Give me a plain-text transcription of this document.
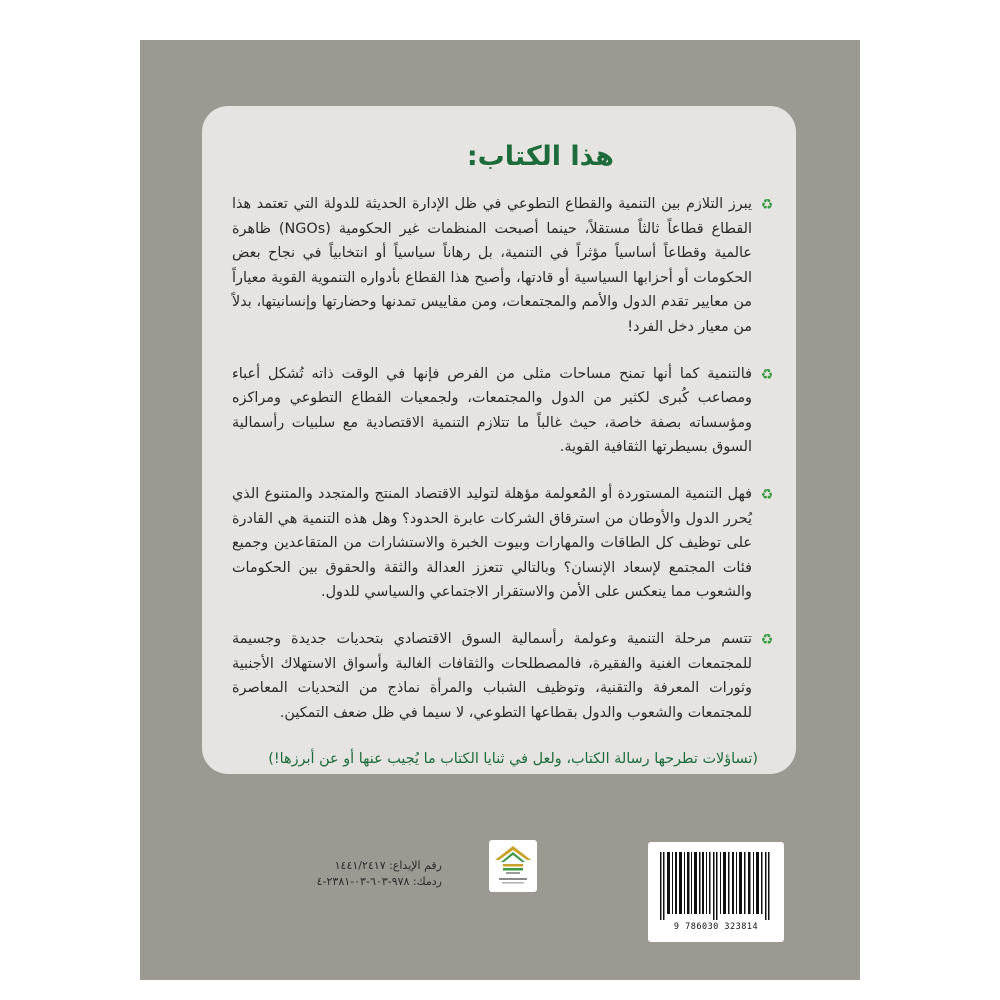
هذا الكتاب:
♻
يبرز التلازم بين التنمية والقطاع التطوعي في ظل الإدارة الحديثة للدولة التي تعتمد هذا القطاع قطاعاً ثالثاً مستقلاً، حينما أصبحت المنظمات غير الحكومية (NGOs) ظاهرة عالمية وقطاعاً أساسياً مؤثراً في التنمية، بل رهاناً سياسياً أو انتخابياً في نجاح بعض الحكومات أو أحزابها السياسية أو قادتها، وأصبح هذا القطاع بأدواره التنموية القوية معياراً من معايير تقدم الدول والأمم والمجتمعات، ومن مقاييس تمدنها وحضارتها وإنسانيتها، بدلاً من معيار دخل الفرد!
♻
فالتنمية كما أنها تمنح مساحات مثلى من الفرص فإنها في الوقت ذاته تُشكل أعباء ومصاعب كُبرى لكثير من الدول والمجتمعات، ولجمعيات القطاع التطوعي ومراكزه ومؤسساته بصفة خاصة، حيث غالباً ما تتلازم التنمية الاقتصادية مع سلبيات رأسمالية السوق بسيطرتها الثقافية القوية.
♻
فهل التنمية المستوردة أو المُعولمة مؤهلة لتوليد الاقتصاد المنتج والمتجدد والمتنوع الذي يُحرر الدول والأوطان من استرقاق الشركات عابرة الحدود؟ وهل هذه التنمية هي القادرة على توظيف كل الطاقات والمهارات وبيوت الخبرة والاستشارات من المتقاعدين وجميع فئات المجتمع لإسعاد الإنسان؟ وبالتالي تتعزز العدالة والثقة والحقوق بين الحكومات والشعوب مما ينعكس على الأمن والاستقرار الاجتماعي والسياسي للدول.
♻
تتسم مرحلة التنمية وعولمة رأسمالية السوق الاقتصادي بتحديات جديدة وجسيمة للمجتمعات الغنية والفقيرة، فالمصطلحات والثقافات الغالبة وأسواق الاستهلاك الأجنبية وثورات المعرفة والتقنية، وتوظيف الشباب والمرأة نماذج من التحديات المعاصرة للمجتمعات والشعوب والدول بقطاعها التطوعي، لا سيما في ظل ضعف التمكين.
(تساؤلات تطرحها رسالة الكتاب، ولعل في ثنايا الكتاب ما يُجيب عنها أو عن أبرزها!)
رقم الإيداع: ١٤٤١/٢٤١٧
ردمك: ٩٧٨-٦٠٣-٠٣-٢٣٨١-٤
9 786030 323814
